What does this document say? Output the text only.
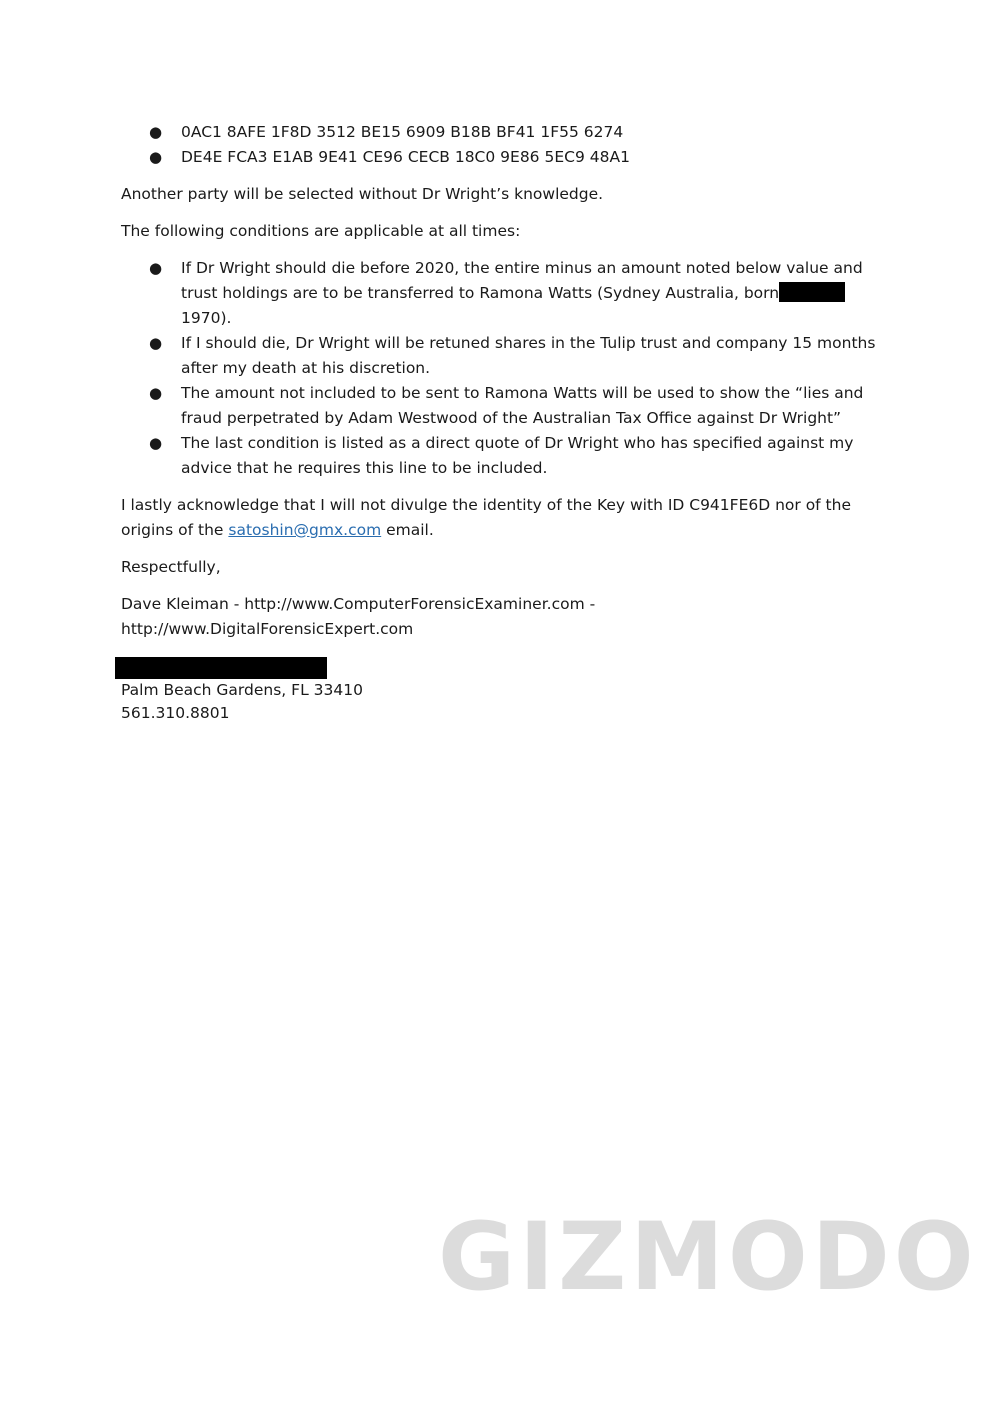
● 0AC1 8AFE 1F8D 3512 BE15 6909 B18B BF41 1F55 6274
● DE4E FCA3 E1AB 9E41 CE96 CECB 18C0 9E86 5EC9 48A1

Another party will be selected without Dr Wright’s knowledge.

The following conditions are applicable at all times:

● If Dr Wright should die before 2020, the entire minus an amount noted below value and trust holdings are to be transferred to Ramona Watts (Sydney Australia, born1970).
● If I should die, Dr Wright will be retuned shares in the Tulip trust and company 15 months after my death at his discretion.
● The amount not included to be sent to Ramona Watts will be used to show the “lies and fraud perpetrated by Adam Westwood of the Australian Tax Office against Dr Wright”
● The last condition is listed as a direct quote of Dr Wright who has specified against my advice that he requires this line to be included.

I lastly acknowledge that I will not divulge the identity of the Key with ID C941FE6D nor of the origins of the satoshin@gmx.com email.

Respectfully,

Dave Kleiman - http://www.ComputerForensicExaminer.com -

http://www.DigitalForensicExpert.com

Palm Beach Gardens, FL 33410

561.310.8801

GIZMODO
